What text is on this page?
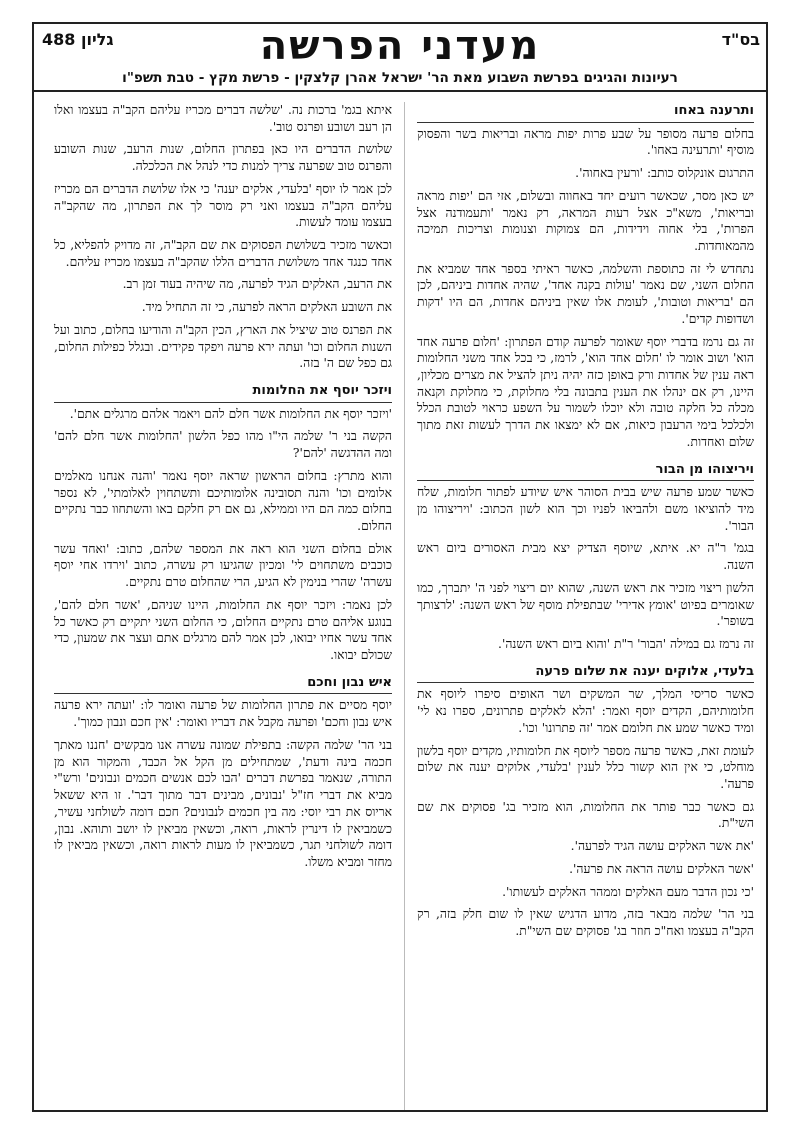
בס"ד
גליון 488	מעדני הפרשה
רעיונות והגיגים בפרשת השבוע מאת הר' ישראל אהרן קלצקין - פרשת מקץ - טבת תשפ"ו
ותרענה באחו

בחלום פרעה מסופר על שבע פרות יפות מראה ובריאות בשר והפסוק מוסיף 'ותרעינה באחו'.

התרגום אונקלוס כותב: 'ורעין באחוה'.

יש כאן מסר, שכאשר רועים יחד באחווה ובשלום, אזי הם 'יפות מראה ובריאות', משא"כ אצל רעות המראה, רק נאמר 'ותעמודנה אצל הפרות', בלי אחוה וידידות, הם צמוקות וצנומות וצריכות תמיכה מהמאוחדות.

נתחדש לי זה כתוספת והשלמה, כאשר ראיתי בספר אחד שמביא את החלום השני, שם נאמר 'עולות בקנה אחד', שהיה אחדות ביניהם, לכן הם 'בריאות וטובות', לעומת אלו שאין ביניהם אחדות, הם היו 'דקות ושדופות קדים'.

זה גם נרמז בדברי יוסף שאומר לפרעה קודם הפתרון: 'חלום פרעה אחד הוא' ושוב אומר לו 'חלום אחד הוא', לרמז, כי בכל אחד משני החלומות ראה ענין של אחדות ורק באופן כזה יהיה ניתן להציל את מצרים מכליון, היינו, רק אם ינהלו את הענין בתבונה בלי מחלוקת, כי מחלוקת וקנאה מכלה כל חלקה טובה ולא יוכלו לשמור על השפע כראוי לטובת הכלל ולכלכל בימי הרעבון כיאות, אם לא ימצאו את הדרך לעשות זאת מתוך שלום ואחדות.

ויריצוהו מן הבור

כאשר שמע פרעה שיש בבית הסוהר איש שיודע לפתור חלומות, שלח מיד להוציאו משם ולהביאו לפניו וכך הוא לשון הכתוב: 'ויריצוהו מן הבור'.

בגמ' ר"ה יא. איתא, שיוסף הצדיק יצא מבית האסורים ביום ראש השנה.

הלשון ריצוי מזכיר את ראש השנה, שהוא יום ריצוי לפני ה' יתברך, כמו שאומרים בפיוט 'אומץ אדירי' שבתפילת מוסף של ראש השנה: 'לרצותך בשופר'.

זה נרמז גם במילה 'הבור' ר"ת 'והוא ביום ראש השנה'.

בלעדי, אלוקים יענה את שלום פרעה

כאשר סריסי המלך, שר המשקים ושר האופים סיפרו ליוסף את חלומותיהם, הקדים יוסף ואמר: 'הלא לאלקים פתרונים, ספרו נא לי' ומיד כאשר שמע את חלומם אמר 'זה פתרונו' וכו'.

לעומת זאת, כאשר פרעה מספר ליוסף את חלומותיו, מקדים יוסף בלשון מוחלט, כי אין הוא קשור כלל לענין 'בלעדי, אלוקים יענה את שלום פרעה'.

גם כאשר כבר פותר את החלומות, הוא מזכיר בג' פסוקים את שם השי"ת.

'את אשר האלקים עושה הגיד לפרעה'.

'אשר האלקים עושה הראה את פרעה'.

'כי נכון הדבר מעם האלקים וממהר האלקים לעשותו'.

בני הר' שלמה מבאר בזה, מדוע הדגיש שאין לו שום חלק בזה, רק הקב"ה בעצמו ואח"כ חוזר בג' פסוקים שם השי"ת.

איתא בגמ' ברכות נה. 'שלשה דברים מכריז עליהם הקב"ה בעצמו ואלו הן רעב ושובע ופרנס טוב'.

שלושת הדברים היו כאן בפתרון החלום, שנות הרעב, שנות השובע והפרנס טוב שפרעה צריך למנות כדי לנהל את הכלכלה.

לכן אמר לו יוסף 'בלעדי, אלקים יענה' כי אלו שלושת הדברים הם מכריז עליהם הקב"ה בעצמו ואני רק מוסר לך את הפתרון, מה שהקב"ה בעצמו עומד לעשות.

וכאשר מזכיר בשלושת הפסוקים את שם הקב"ה, זה מדויק להפליא, כל אחד כנגד אחד משלושת הדברים הללו שהקב"ה בעצמו מכריז עליהם.

את הרעב, האלקים הגיד לפרעה, מה שיהיה בעוד זמן רב.

את השובע האלקים הראה לפרעה, כי זה התחיל מיד.

את הפרנס טוב שיציל את הארץ, הכין הקב"ה והודיעו בחלום, כתוב ועל השנות החלום וכו' ועתה ירא פרעה ויפקד פקידים. ובגלל כפילות החלום, גם כפל שם ה' בזה.

ויזכר יוסף את החלומות

'ויזכר יוסף את החלומות אשר חלם להם ויאמר אלהם מרגלים אתם'.

הקשה בני ר' שלמה הי"ו מהו כפל הלשון 'החלומות אשר חלם להם' ומה ההדגשה 'להם'?

והוא מתרץ: בחלום הראשון שראה יוסף נאמר 'והנה אנחנו מאלמים אלומים וכו' והנה תסובינה אלומותיכם ותשתחוין לאלומתי', לא נספר בחלום כמה הם היו וממילא, גם אם רק חלקם באו והשתחוו כבר נתקיים החלום.

אולם בחלום השני הוא ראה את המספר שלהם, כתוב: 'ואחד עשר כוכבים משתחוים לי' ומכיון שהגיעו רק עשרה, כתוב 'וירדו אחי יוסף עשרה' שהרי בנימין לא הגיע, הרי שהחלום טרם נתקיים.

לכן נאמר: ויזכר יוסף את החלומות, היינו שניהם, 'אשר חלם להם', בנוגע אליהם טרם נתקיים החלום, כי החלום השני יתקיים רק כאשר כל אחד עשר אחיו יבואו, לכן אמר להם מרגלים אתם ועצר את שמעון, כדי שכולם יבואו.

איש נבון וחכם

יוסף מסיים את פתרון החלומות של פרעה ואומר לו: 'ועתה ירא פרעה איש נבון וחכם' ופרעה מקבל את דבריו ואומר: 'אין חכם ונבון כמוך'.

בני הר' שלמה הקשה: בתפילת שמונה עשרה אנו מבקשים 'חננו מאתך חכמה בינה ודעת', שמתחילים מן הקל אל הכבד, והמקור הוא מן התורה, שנאמר בפרשת דברים 'הבו לכם אנשים חכמים ונבונים' ורש"י מביא את דברי חז"ל 'נבונים, מבינים דבר מתוך דבר'. זו היא ששאל אריוס את רבי יוסי: מה בין חכמים לנבונים? חכם דומה לשולחני עשיר, כשמביאין לו דינרין לראות, רואה, וכשאין מביאין לו יושב ותוהא. נבון, דומה לשולחני תגר, כשמביאין לו מעות לראות רואה, וכשאין מביאין לו מחזר ומביא משלו.
